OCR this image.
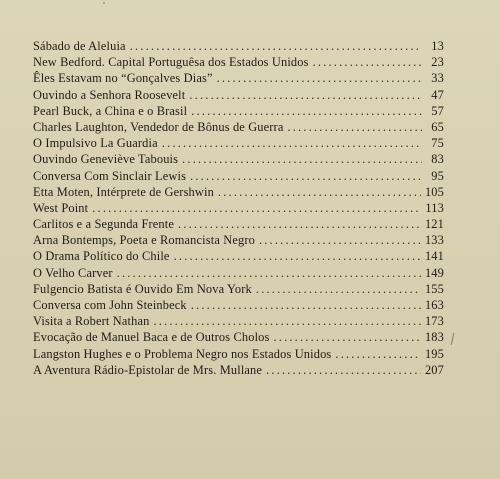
Sábado de Aleluia .....	13
New Bedford. Capital Portuguêsa dos Estados Unidos .....	23
Êles Estavam no “Gonçalves Dias” .....	33
Ouvindo a Senhora Roosevelt .....	47
Pearl Buck, a China e o Brasil .....	57
Charles Laughton, Vendedor de Bônus de Guerra .....	65
O Impulsivo La Guardia .....	75
Ouvindo Geneviève Tabouis .....	83
Conversa Com Sinclair Lewis .....	95
Etta Moten, Intérprete de Gershwin .....	105
West Point .....	113
Carlitos e a Segunda Frente .....	121
Arna Bontemps, Poeta e Romancista Negro .....	133
O Drama Político do Chile .....	141
O Velho Carver .....	149
Fulgencio Batista é Ouvido Em Nova York .....	155
Conversa com John Steinbeck .....	163
Visita a Robert Nathan .....	173
Evocação de Manuel Baca e de Outros Cholos .....	183
Langston Hughes e o Problema Negro nos Estados Unidos .....	195
A Aventura Rádio-Epistolar de Mrs. Mullane .....	207
